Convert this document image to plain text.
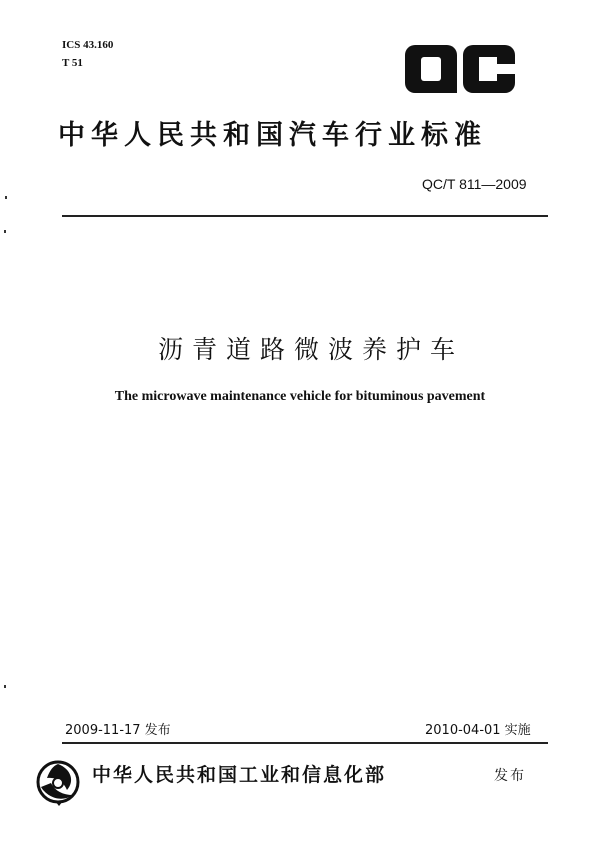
ICS 43.160
T 51
中华人民共和国汽车行业标准
QC/T 811—2009
沥青道路微波养护车
The microwave maintenance vehicle for bituminous pavement
2009-11-17 发布	2010-04-01 实施
中华人民共和国工业和信息化部	发布
